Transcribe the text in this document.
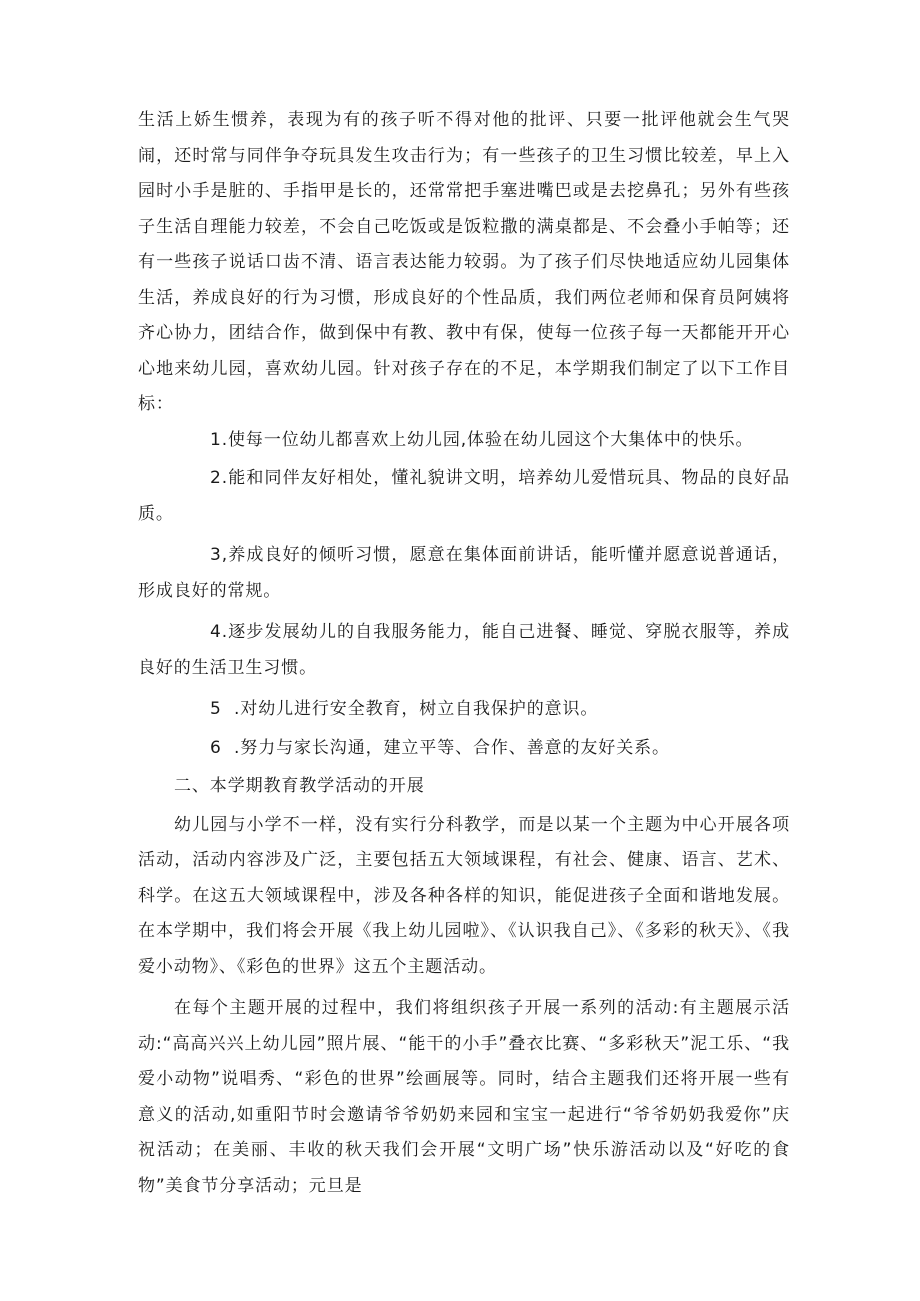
生活上娇生惯养，表现为有的孩子听不得对他的批评、只要一批评他就会生气哭闹，还时常与同伴争夺玩具发生攻击行为；有一些孩子的卫生习惯比较差，早上入园时小手是脏的、手指甲是长的，还常常把手塞进嘴巴或是去挖鼻孔；另外有些孩子生活自理能力较差，不会自己吃饭或是饭粒撒的满桌都是、不会叠小手帕等；还有一些孩子说话口齿不清、语言表达能力较弱。为了孩子们尽快地适应幼儿园集体生活，养成良好的行为习惯，形成良好的个性品质，我们两位老师和保育员阿姨将齐心协力，团结合作，做到保中有教、教中有保，使每一位孩子每一天都能开开心心地来幼儿园，喜欢幼儿园。针对孩子存在的不足，本学期我们制定了以下工作目标：

1.使每一位幼儿都喜欢上幼儿园,体验在幼儿园这个大集体中的快乐。

2.能和同伴友好相处，懂礼貌讲文明，培养幼儿爱惜玩具、物品的良好品质。

3,养成良好的倾听习惯，愿意在集体面前讲话，能听懂并愿意说普通话，形成良好的常规。

4.逐步发展幼儿的自我服务能力，能自己进餐、睡觉、穿脱衣服等，养成良好的生活卫生习惯。

5 .对幼儿进行安全教育，树立自我保护的意识。

6 .努力与家长沟通，建立平等、合作、善意的友好关系。

二、本学期教育教学活动的开展

幼儿园与小学不一样，没有实行分科教学，而是以某一个主题为中心开展各项活动，活动内容涉及广泛，主要包括五大领域课程，有社会、健康、语言、艺术、科学。在这五大领域课程中，涉及各种各样的知识，能促进孩子全面和谐地发展。在本学期中，我们将会开展《我上幼儿园啦》、《认识我自己》、《多彩的秋天》、《我爱小动物》、《彩色的世界》这五个主题活动。

在每个主题开展的过程中，我们将组织孩子开展一系列的活动:有主题展示活动:“高高兴兴上幼儿园”照片展、“能干的小手”叠衣比赛、“多彩秋天”泥工乐、“我爱小动物”说唱秀、“彩色的世界”绘画展等。同时，结合主题我们还将开展一些有意义的活动,如重阳节时会邀请爷爷奶奶来园和宝宝一起进行“爷爷奶奶我爱你”庆祝活动；在美丽、丰收的秋天我们会开展“文明广场”快乐游活动以及“好吃的食物”美食节分享活动；元旦是
